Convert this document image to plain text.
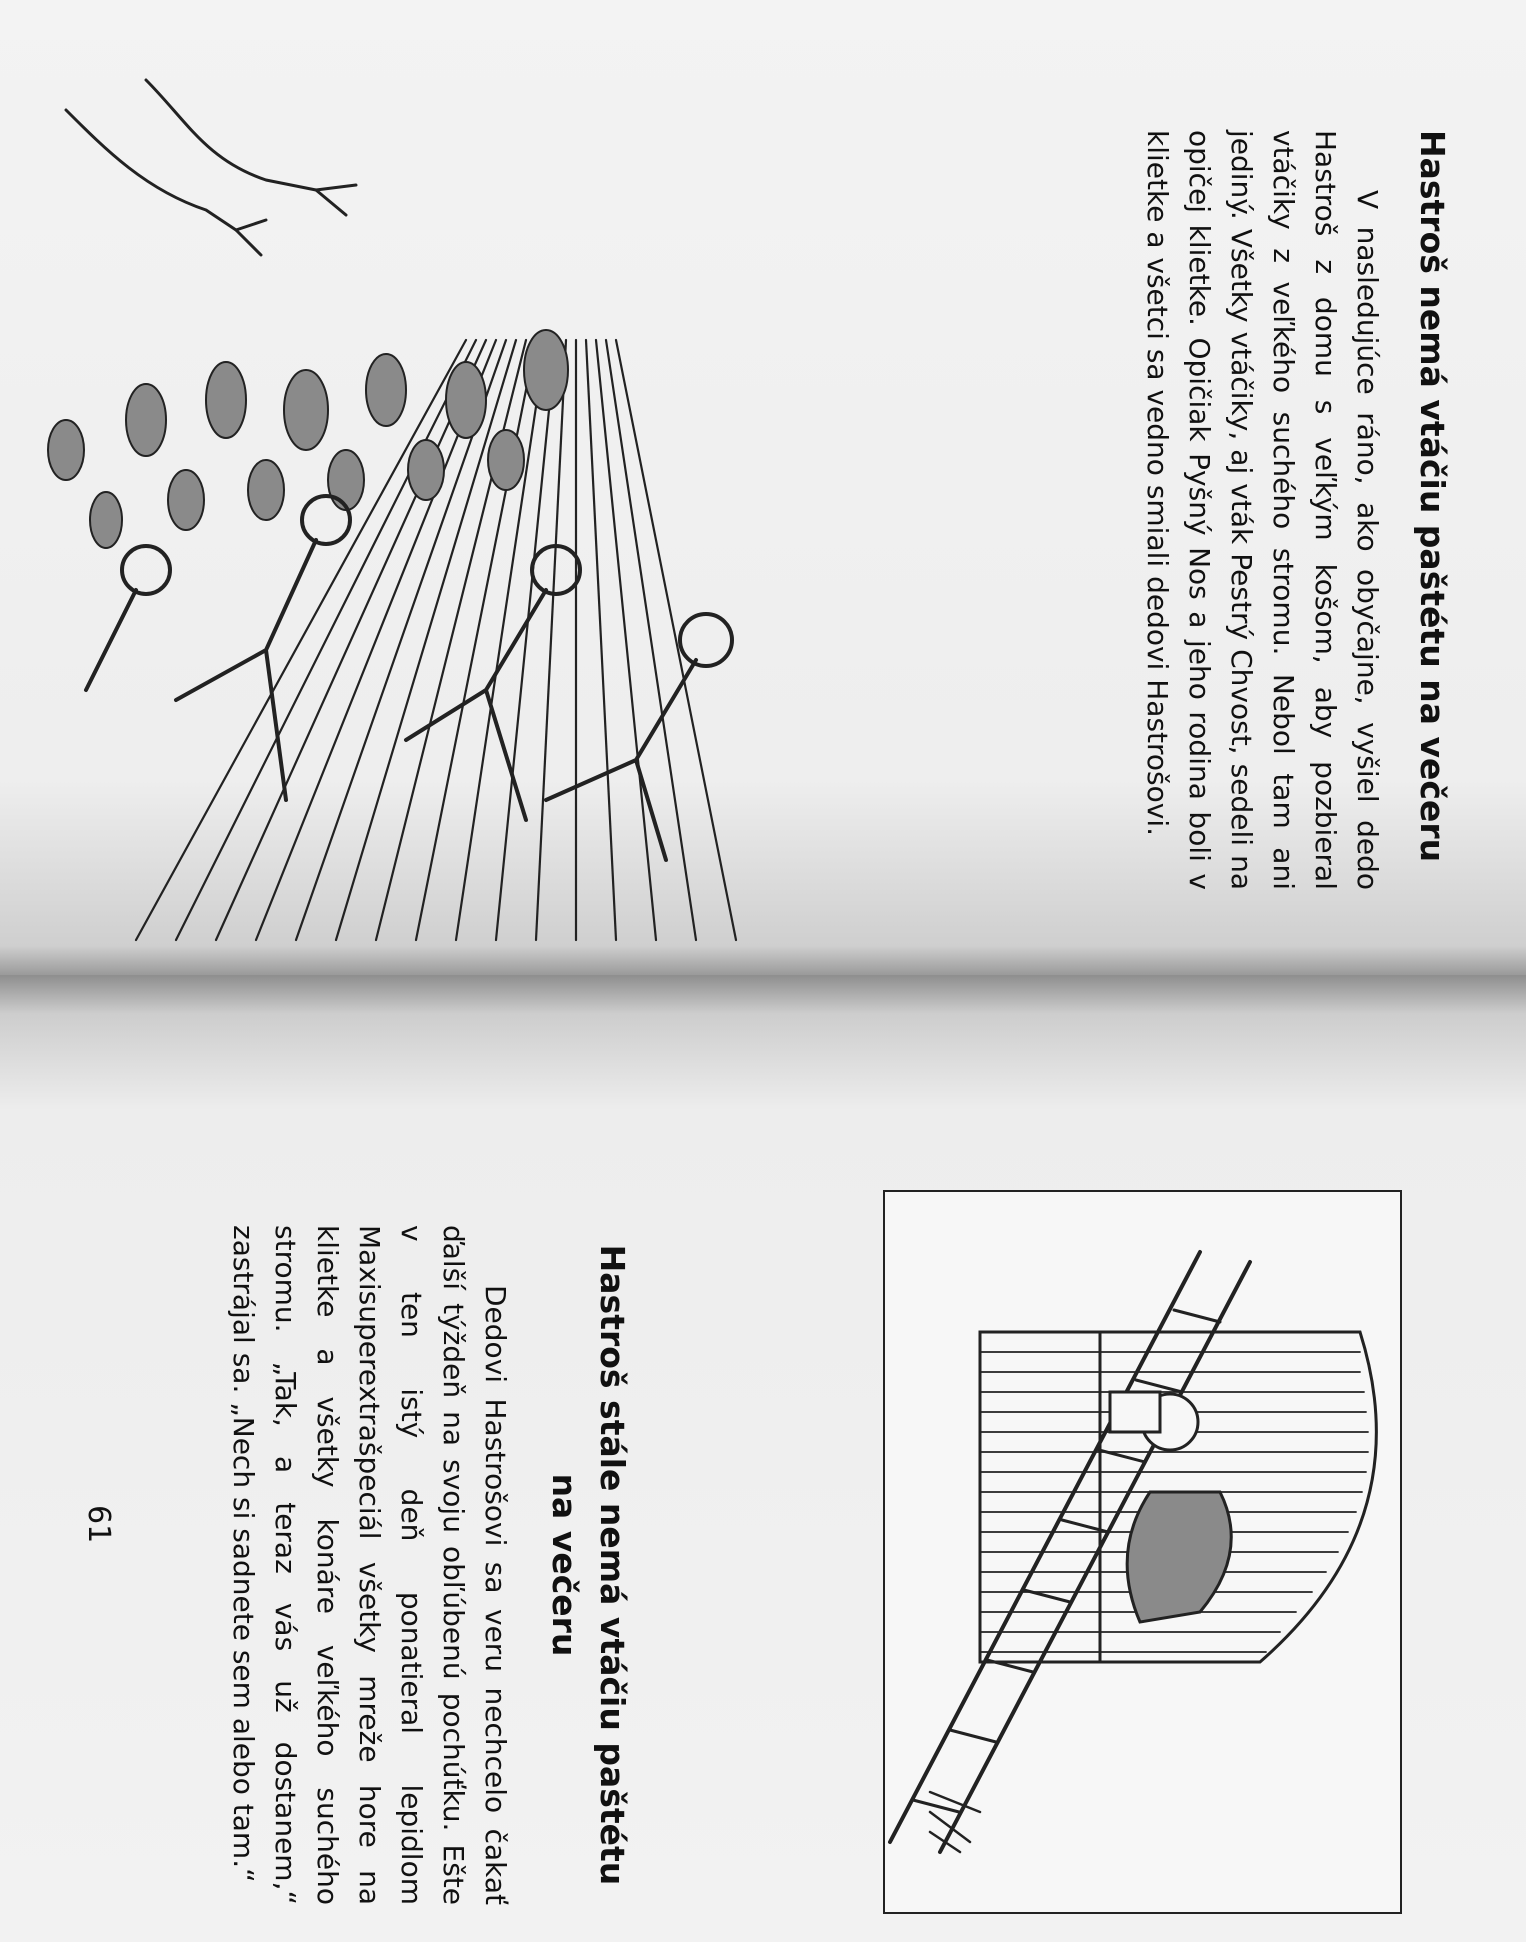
Hastroš nemá vtáčiu paštétu na večeru

V nasledujúce ráno, ako obyčajne, vyšiel dedo Hastroš z domu s veľkým košom, aby pozbieral vtáčiky z veľkého suchého stromu. Nebol tam ani jediný. Všetky vtáčiky, aj vták Pestrý Chvost, sedeli na opičej klietke. Opičiak Pyšný Nos a jeho rodina boli v klietke a všetci sa vedno smiali dedovi Hastrošovi.

Hastroš stále nemá vtáčiu paštétu
na večeru

Dedovi Hastrošovi sa veru nechcelo čakať ďalší týždeň na svoju obľúbenú pochúťku. Ešte v ten istý deň ponatieral lepidlom Maxisuperextrašpeciál všetky mreže hore na klietke a všetky konáre veľkého suchého stromu. „Tak, a teraz vás už dostanem,“ zastrájal sa. „Nech si sadnete sem alebo tam.“

61
